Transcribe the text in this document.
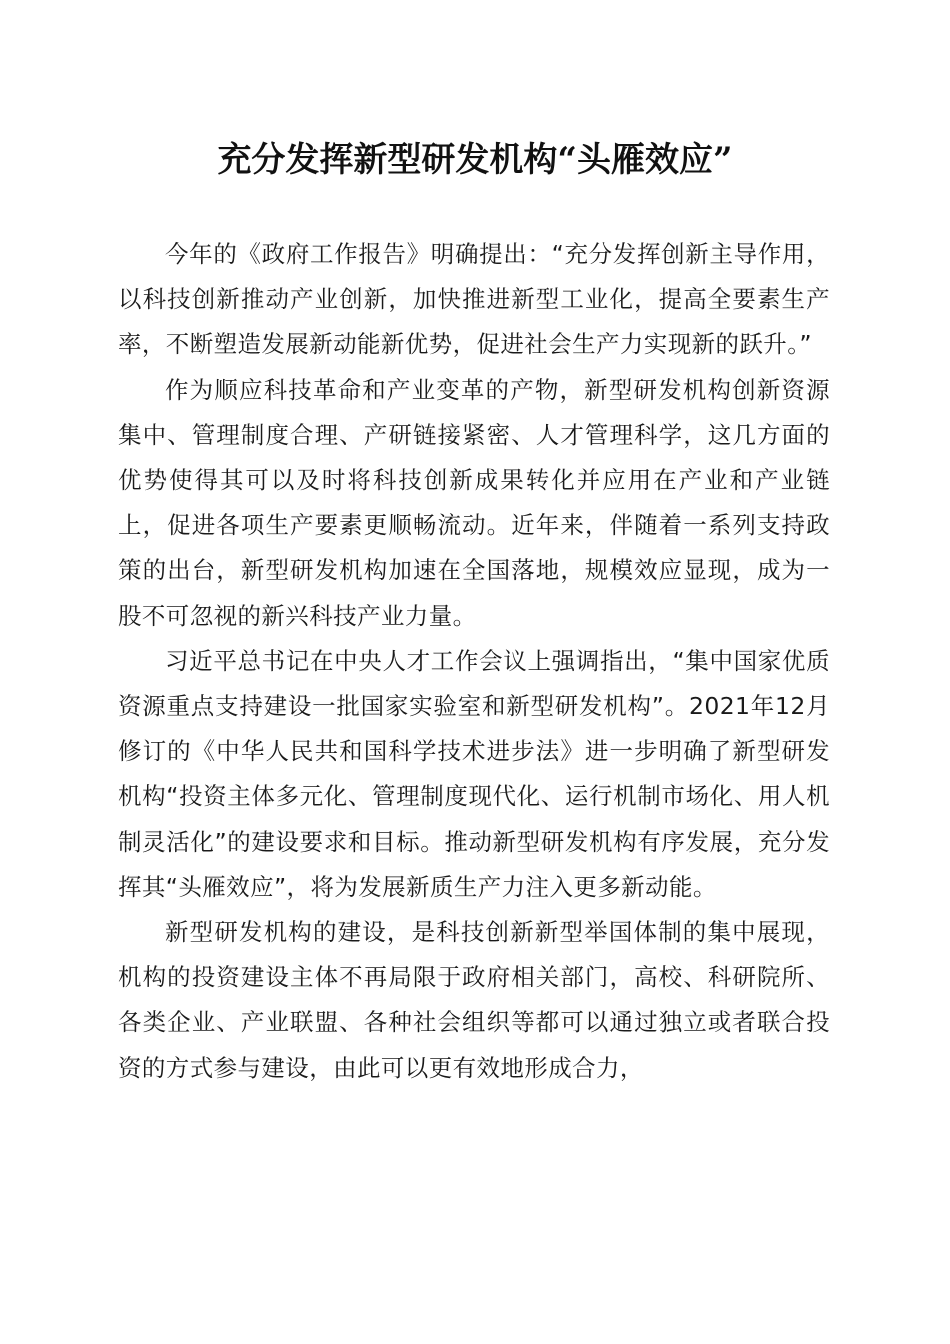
充分发挥新型研发机构“头雁效应”

今年的《政府工作报告》明确提出：“充分发挥创新主导作用，以科技创新推动产业创新，加快推进新型工业化，提高全要素生产率，不断塑造发展新动能新优势，促进社会生产力实现新的跃升。”

作为顺应科技革命和产业变革的产物，新型研发机构创新资源集中、管理制度合理、产研链接紧密、人才管理科学，这几方面的优势使得其可以及时将科技创新成果转化并应用在产业和产业链上，促进各项生产要素更顺畅流动。近年来，伴随着一系列支持政策的出台，新型研发机构加速在全国落地，规模效应显现，成为一股不可忽视的新兴科技产业力量。

习近平总书记在中央人才工作会议上强调指出，“集中国家优质资源重点支持建设一批国家实验室和新型研发机构”。2021年12月修订的《中华人民共和国科学技术进步法》进一步明确了新型研发机构“投资主体多元化、管理制度现代化、运行机制市场化、用人机制灵活化”的建设要求和目标。推动新型研发机构有序发展，充分发挥其“头雁效应”，将为发展新质生产力注入更多新动能。

新型研发机构的建设，是科技创新新型举国体制的集中展现，机构的投资建设主体不再局限于政府相关部门，高校、科研院所、各类企业、产业联盟、各种社会组织等都可以通过独立或者联合投资的方式参与建设，由此可以更有效地形成合力，
